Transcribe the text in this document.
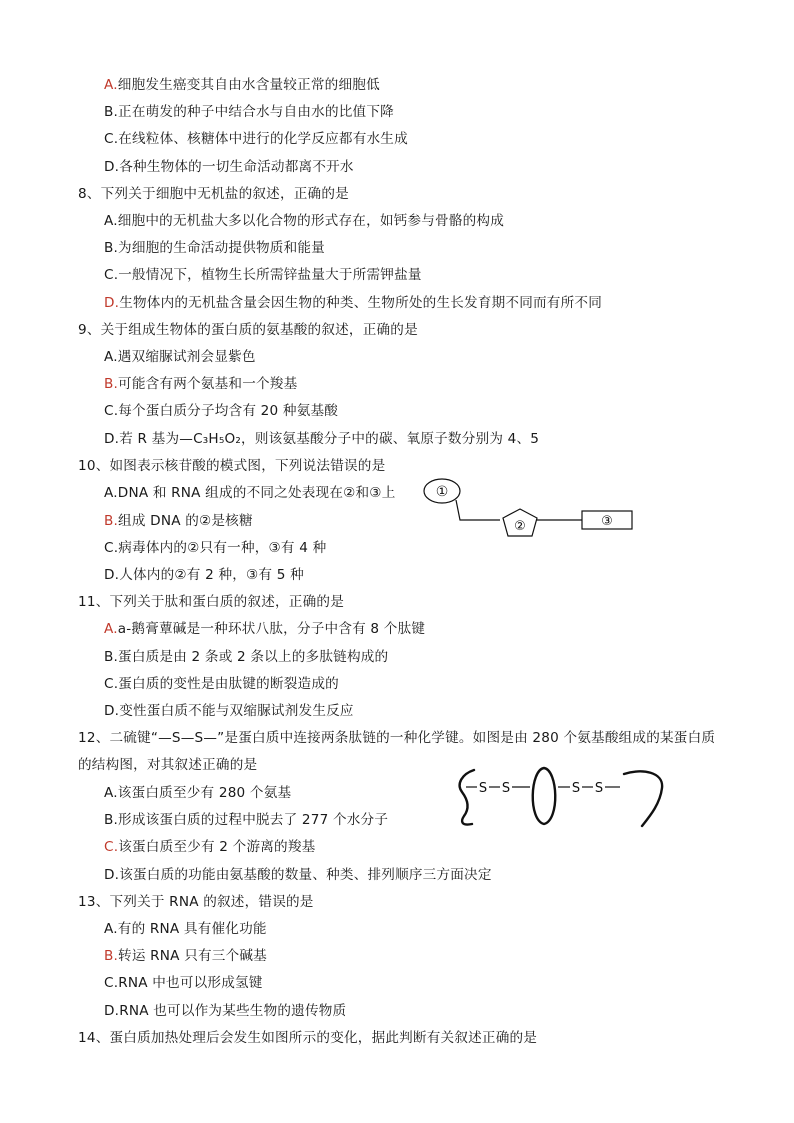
A.细胞发生癌变其自由水含量较正常的细胞低
B.正在萌发的种子中结合水与自由水的比值下降
C.在线粒体、核糖体中进行的化学反应都有水生成
D.各种生物体的一切生命活动都离不开水
8、下列关于细胞中无机盐的叙述，正确的是
A.细胞中的无机盐大多以化合物的形式存在，如钙参与骨骼的构成
B.为细胞的生命活动提供物质和能量
C.一般情况下，植物生长所需锌盐量大于所需钾盐量
D.生物体内的无机盐含量会因生物的种类、生物所处的生长发育期不同而有所不同
9、关于组成生物体的蛋白质的氨基酸的叙述，正确的是
A.遇双缩脲试剂会显紫色
B.可能含有两个氨基和一个羧基
C.每个蛋白质分子均含有 20 种氨基酸
D.若 R 基为—C₃H₅O₂，则该氨基酸分子中的碳、氧原子数分别为 4、5
10、如图表示核苷酸的模式图，下列说法错误的是
A.DNA 和 RNA 组成的不同之处表现在②和③上
B.组成 DNA 的②是核糖
C.病毒体内的②只有一种，③有 4 种
D.人体内的②有 2 种，③有 5 种
①
②	③
11、下列关于肽和蛋白质的叙述，正确的是
A.a-鹅膏蕈碱是一种环状八肽，分子中含有 8 个肽键
B.蛋白质是由 2 条或 2 条以上的多肽链构成的
C.蛋白质的变性是由肽键的断裂造成的
D.变性蛋白质不能与双缩脲试剂发生反应
12、二硫键“—S—S—”是蛋白质中连接两条肽链的一种化学键。如图是由 280 个氨基酸组成的某蛋白质
的结构图，对其叙述正确的是
A.该蛋白质至少有 280 个氨基
B.形成该蛋白质的过程中脱去了 277 个水分子
C.该蛋白质至少有 2 个游离的羧基
D.该蛋白质的功能由氨基酸的数量、种类、排列顺序三方面决定
S S	S S
13、下列关于 RNA 的叙述，错误的是
A.有的 RNA 具有催化功能
B.转运 RNA 只有三个碱基
C.RNA 中也可以形成氢键
D.RNA 也可以作为某些生物的遗传物质
14、蛋白质加热处理后会发生如图所示的变化，据此判断有关叙述正确的是
